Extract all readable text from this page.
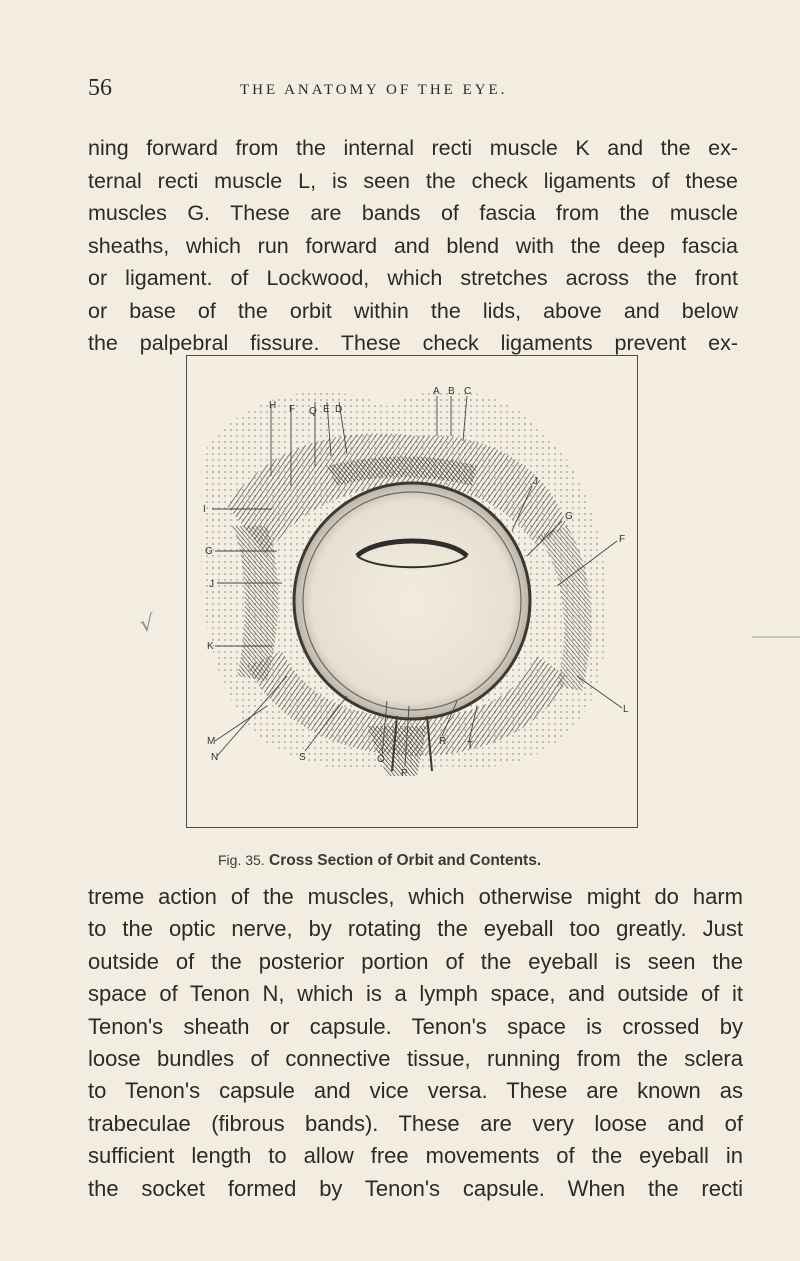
56	THE ANATOMY OF THE EYE.
ning forward from the internal recti muscle K and the ex-
ternal recti muscle L, is seen the check ligaments of these
muscles G. These are bands of fascia from the muscle
sheaths, which run forward and blend with the deep fascia
or ligament. of Lockwood, which stretches across the front
or base of the orbit within the lids, above and below
the palpebral fissure. These check ligaments prevent ex-
√
A B C
D
E
F Q
H
I
G
J
K
M
N	S	O
P
R T
J
G
F
L
Fig. 35. Cross Section of Orbit and Contents.
treme action of the muscles, which otherwise might do harm
to the optic nerve, by rotating the eyeball too greatly. Just
outside of the posterior portion of the eyeball is seen the
space of Tenon N, which is a lymph space, and outside of it
Tenon's sheath or capsule. Tenon's space is crossed by
loose bundles of connective tissue, running from the sclera
to Tenon's capsule and vice versa. These are known as
trabeculae (fibrous bands). These are very loose and of
sufficient length to allow free movements of the eyeball in
the socket formed by Tenon's capsule. When the recti
